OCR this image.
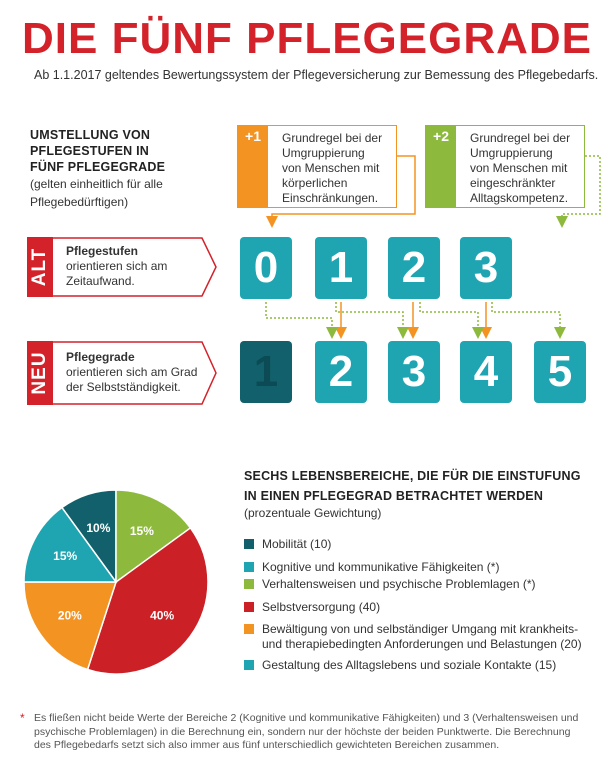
DIE FÜNF PFLEGEGRADE
Ab 1.1.2017 geltendes Bewertungssystem der Pflegeversicherung zur Bemessung des Pflegebedarfs.
UMSTELLUNG VON
PFLEGESTUFEN IN
FÜNF PFLEGEGRADE
(gelten einheitlich für alle
Pflegebedürftigen)
+1	Grundregel bei der
Umgruppierung
von Menschen mit
körperlichen
Einschränkungen.
+2	Grundregel bei der
Umgruppierung
von Menschen mit
eingeschränkter
Alltagskompetenz.
ALT Pflegestufen
orientieren sich am
Zeitaufwand.	0	1	2	3
NEU Pflegegrade
orientieren sich am Grad
der Selbstständigkeit.	1	2	3	4	5
SECHS LEBENSBEREICHE, DIE FÜR DIE EINSTUFUNG
IN EINEN PFLEGEGRAD BETRACHTET WERDEN
(prozentuale Gewichtung)
10% 15%
40%
20%
15%
Mobilität (10)
Kognitive und kommunikative Fähigkeiten (*)
Verhaltensweisen und psychische Problemlagen (*)
Selbstversorgung (40)
Bewältigung von und selbständiger Umgang mit krankheits-
und therapiebedingten Anforderungen und Belastungen (20)
Gestaltung des Alltagslebens und soziale Kontakte (15)
* Es fließen nicht beide Werte der Bereiche 2 (Kognitive und kommunikative Fähigkeiten) und 3 (Verhaltensweisen und
psychische Problemlagen) in die Berechnung ein, sondern nur der höchste der beiden Punktwerte. Die Berechnung
des Pflegebedarfs setzt sich also immer aus fünf unterschiedlich gewichteten Bereichen zusammen.
